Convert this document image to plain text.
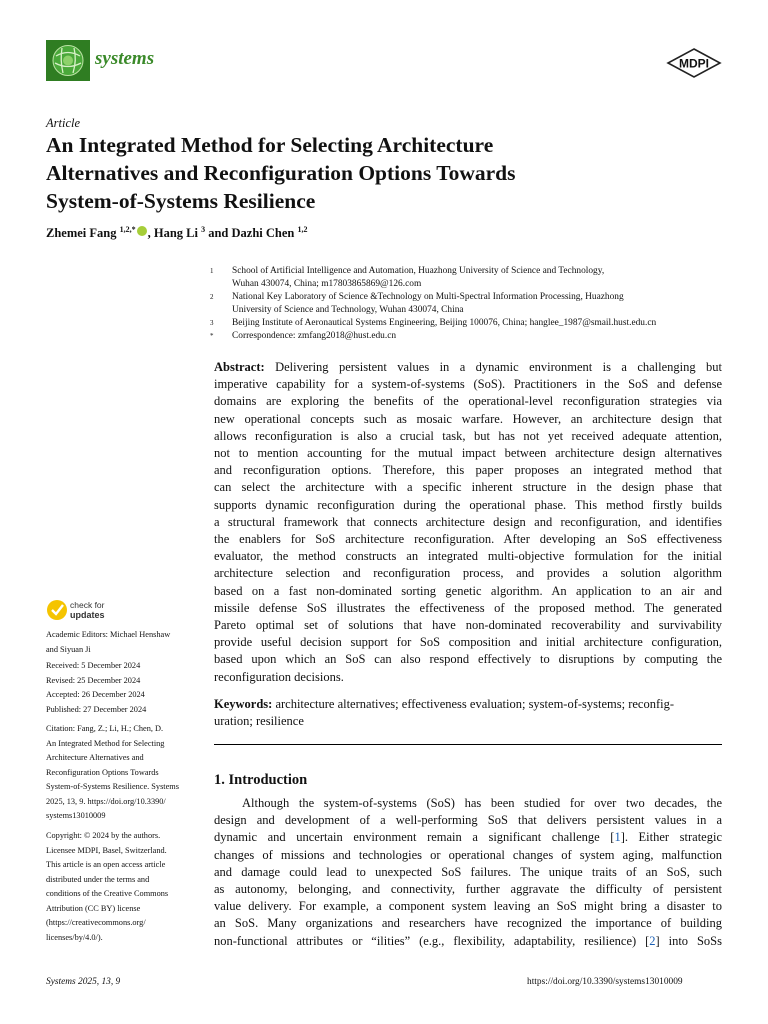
systems	MDPI
Article
An Integrated Method for Selecting Architecture
Alternatives and Reconfiguration Options Towards
System-of-Systems Resilience
Zhemei Fang $^{1,2,*}$ , Hang Li $^3$ and Dazhi Chen $^{1,2}$
1 School of Artificial Intelligence and Automation, Huazhong University of Science and Technology,
Wuhan 430074, China; m17803865869@126.com
2 National Key Laboratory of Science &Technology on Multi-Spectral Information Processing, Huazhong
University of Science and Technology, Wuhan 430074, China
3 Beijing Institute of Aeronautical Systems Engineering, Beijing 100076, China; hanglee_1987@smail.hust.edu.cn
* Correspondence: zmfang2018@hust.edu.cn
Abstract: Delivering persistent values in a dynamic environment is a challenging but
imperative capability for a system-of-systems (SoS). Practitioners in the SoS and defense
domains are exploring the benefits of the operational-level reconfiguration strategies via
new operational concepts such as mosaic warfare. However, an architecture design that
allows reconfiguration is also a crucial task, but has not yet received adequate attention,
not to mention accounting for the mutual impact between architecture design alternatives
and reconfiguration options. Therefore, this paper proposes an integrated method that
can select the architecture with a specific inherent structure in the design phase that
supports dynamic reconfiguration during the operational phase. This method firstly builds
a structural framework that connects architecture design and reconfiguration, and identifies
the enablers for SoS architecture reconfiguration. After developing an SoS effectiveness
evaluator, the method constructs an integrated multi-objective formulation for the initial
architecture selection and reconfiguration process, and provides a solution algorithm
based on a fast non-dominated sorting genetic algorithm. An application to an air and
missile defense SoS illustrates the effectiveness of the proposed method. The generated
Pareto optimal set of solutions that have non-dominated recoverability and survivability
provide useful decision support for SoS composition and initial architecture configuration,
based upon which an SoS can also respond effectively to disruptions by computing the
reconfiguration decisions.
Keywords: architecture alternatives; effectiveness evaluation; system-of-systems; reconfig-
uration; resilience
1. Introduction
Although the system-of-systems (SoS) has been studied for over two decades, the
design and development of a well-performing SoS that delivers persistent values in a
dynamic and uncertain environment remain a significant challenge [1]. Either strategic
changes of missions and technologies or operational changes of system aging, malfunction
and damage could lead to unexpected SoS failures. The unique traits of an SoS, such
as autonomy, belonging, and connectivity, further aggravate the difficulty of persistent
value delivery. For example, a component system leaving an SoS might bring a disaster to
an SoS. Many organizations and researchers have recognized the importance of building
non-functional attributes or “ilities” (e.g., flexibility, adaptability, resilience) [2] into SoSs
check for
updates
Academic Editors: Michael Henshaw
and Siyuan Ji
Received: 5 December 2024
Revised: 25 December 2024
Accepted: 26 December 2024
Published: 27 December 2024
Citation: Fang, Z.; Li, H.; Chen, D.
An Integrated Method for Selecting
Architecture Alternatives and
Reconfiguration Options Towards
System-of-Systems Resilience. Systems
2025, 13, 9. https://doi.org/10.3390/
systems13010009
Copyright: © 2024 by the authors.
Licensee MDPI, Basel, Switzerland.
This article is an open access article
distributed under the terms and
conditions of the Creative Commons
Attribution (CC BY) license
(https://creativecommons.org/
licenses/by/4.0/).
Systems 2025, 13, 9	https://doi.org/10.3390/systems13010009
